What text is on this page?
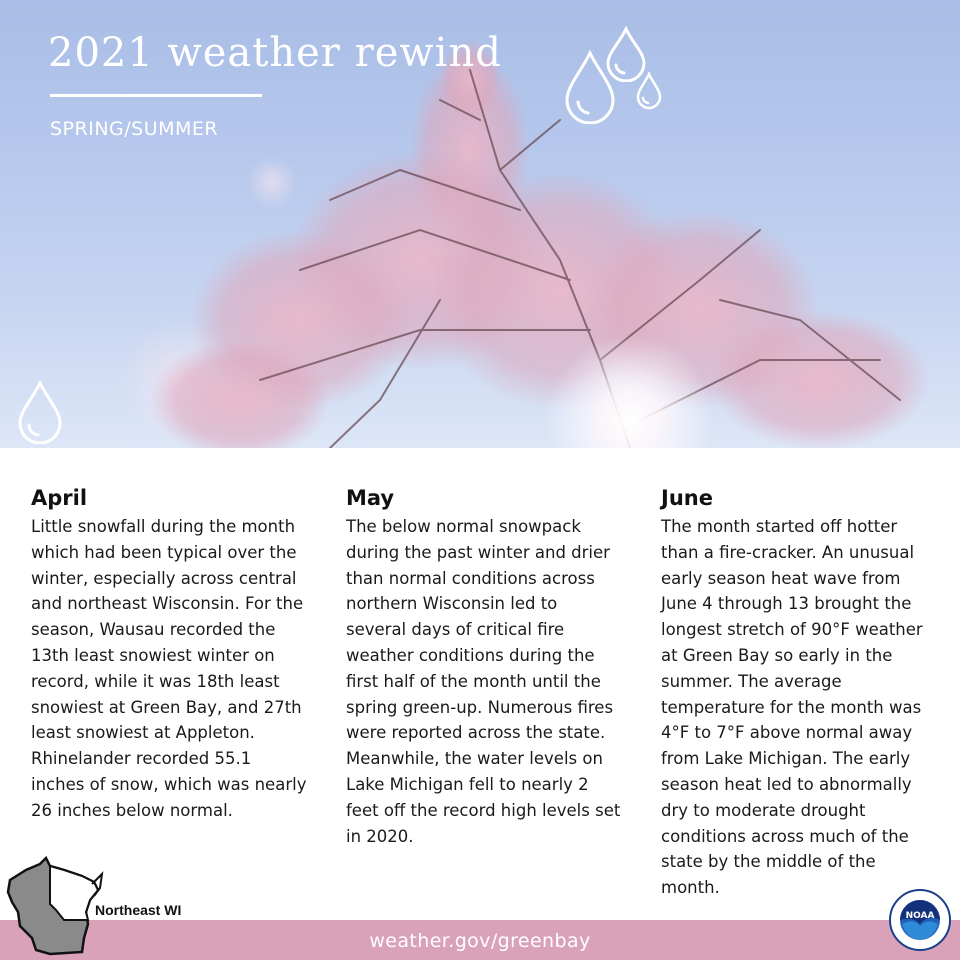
2021 weather rewind
SPRING/SUMMER
April

Little snowfall during the month which had been typical over the winter, especially across central and northeast Wisconsin. For the season, Wausau recorded the 13th least snowiest winter on record, while it was 18th least snowiest at Green Bay, and 27th least snowiest at Appleton. Rhinelander recorded 55.1 inches of snow, which was nearly 26 inches below normal.

May

The below normal snowpack during the past winter and drier than normal conditions across northern Wisconsin led to several days of critical fire weather conditions during the first half of the month until the spring green-up. Numerous fires were reported across the state. Meanwhile, the water levels on Lake Michigan fell to nearly 2 feet off the record high levels set in 2020.

June

The month started off hotter than a fire-cracker. An unusual early season heat wave from June 4 through 13 brought the longest stretch of 90°F weather at Green Bay so early in the summer. The average temperature for the month was 4°F to 7°F above normal away from Lake Michigan. The early season heat led to abnormally dry to moderate drought conditions across much of the state by the middle of the month.

weather.gov/greenbay
Northeast WI	NOAA
